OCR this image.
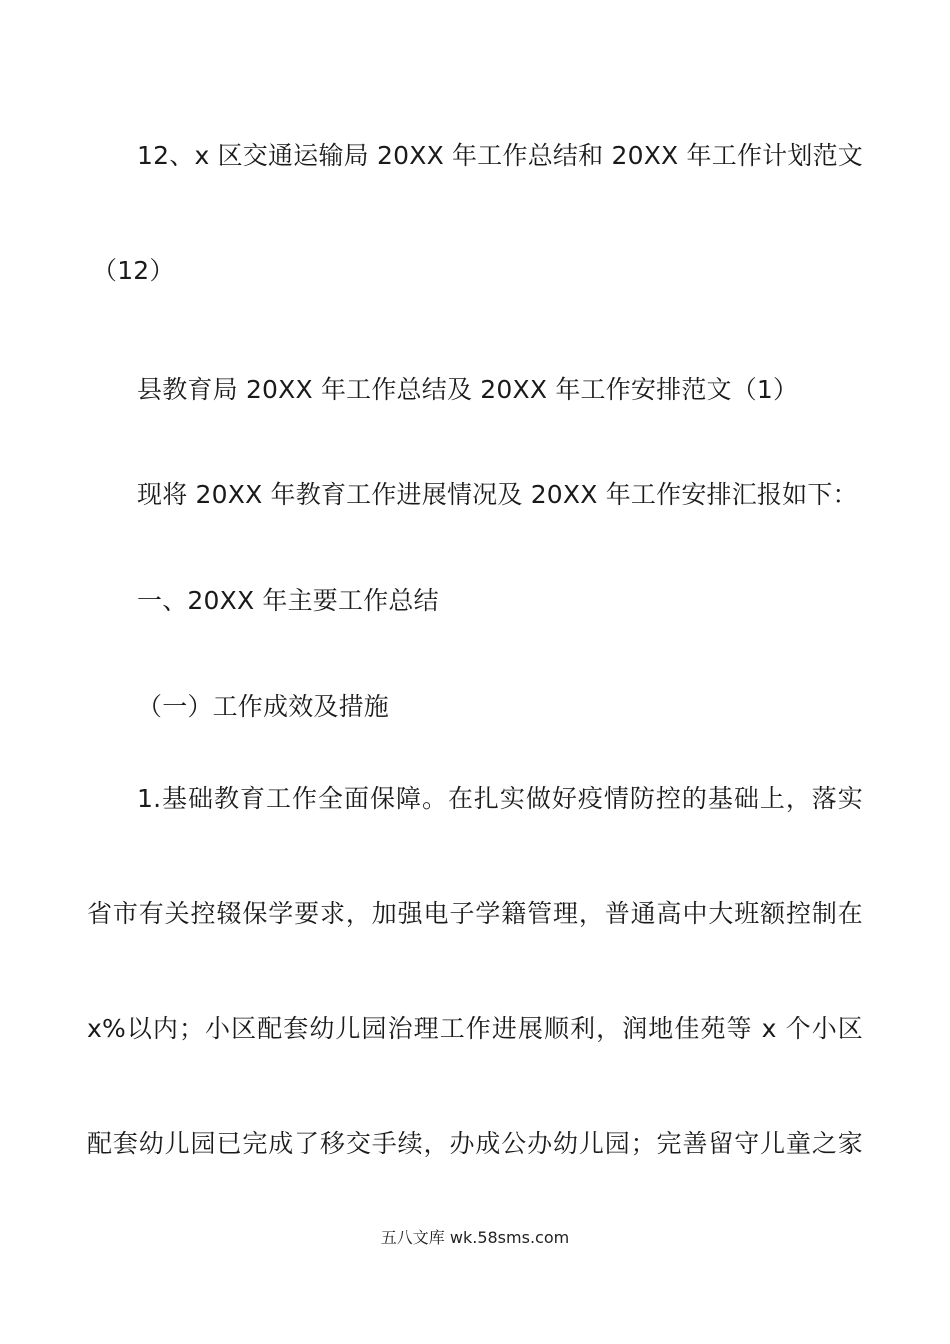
12、x 区交通运输局 20XX 年工作总结和 20XX 年工作计划范文
（12）
县教育局 20XX 年工作总结及 20XX 年工作安排范文（1）
现将 20XX 年教育工作进展情况及 20XX 年工作安排汇报如下：
一、20XX 年主要工作总结
（一）工作成效及措施
1.基础教育工作全面保障。在扎实做好疫情防控的基础上，落实
省市有关控辍保学要求，加强电子学籍管理，普通高中大班额控制在
x%以内；小区配套幼儿园治理工作进展顺利，润地佳苑等 x 个小区
配套幼儿园已完成了移交手续，办成公办幼儿园；完善留守儿童之家
五八文库 wk.58sms.com
